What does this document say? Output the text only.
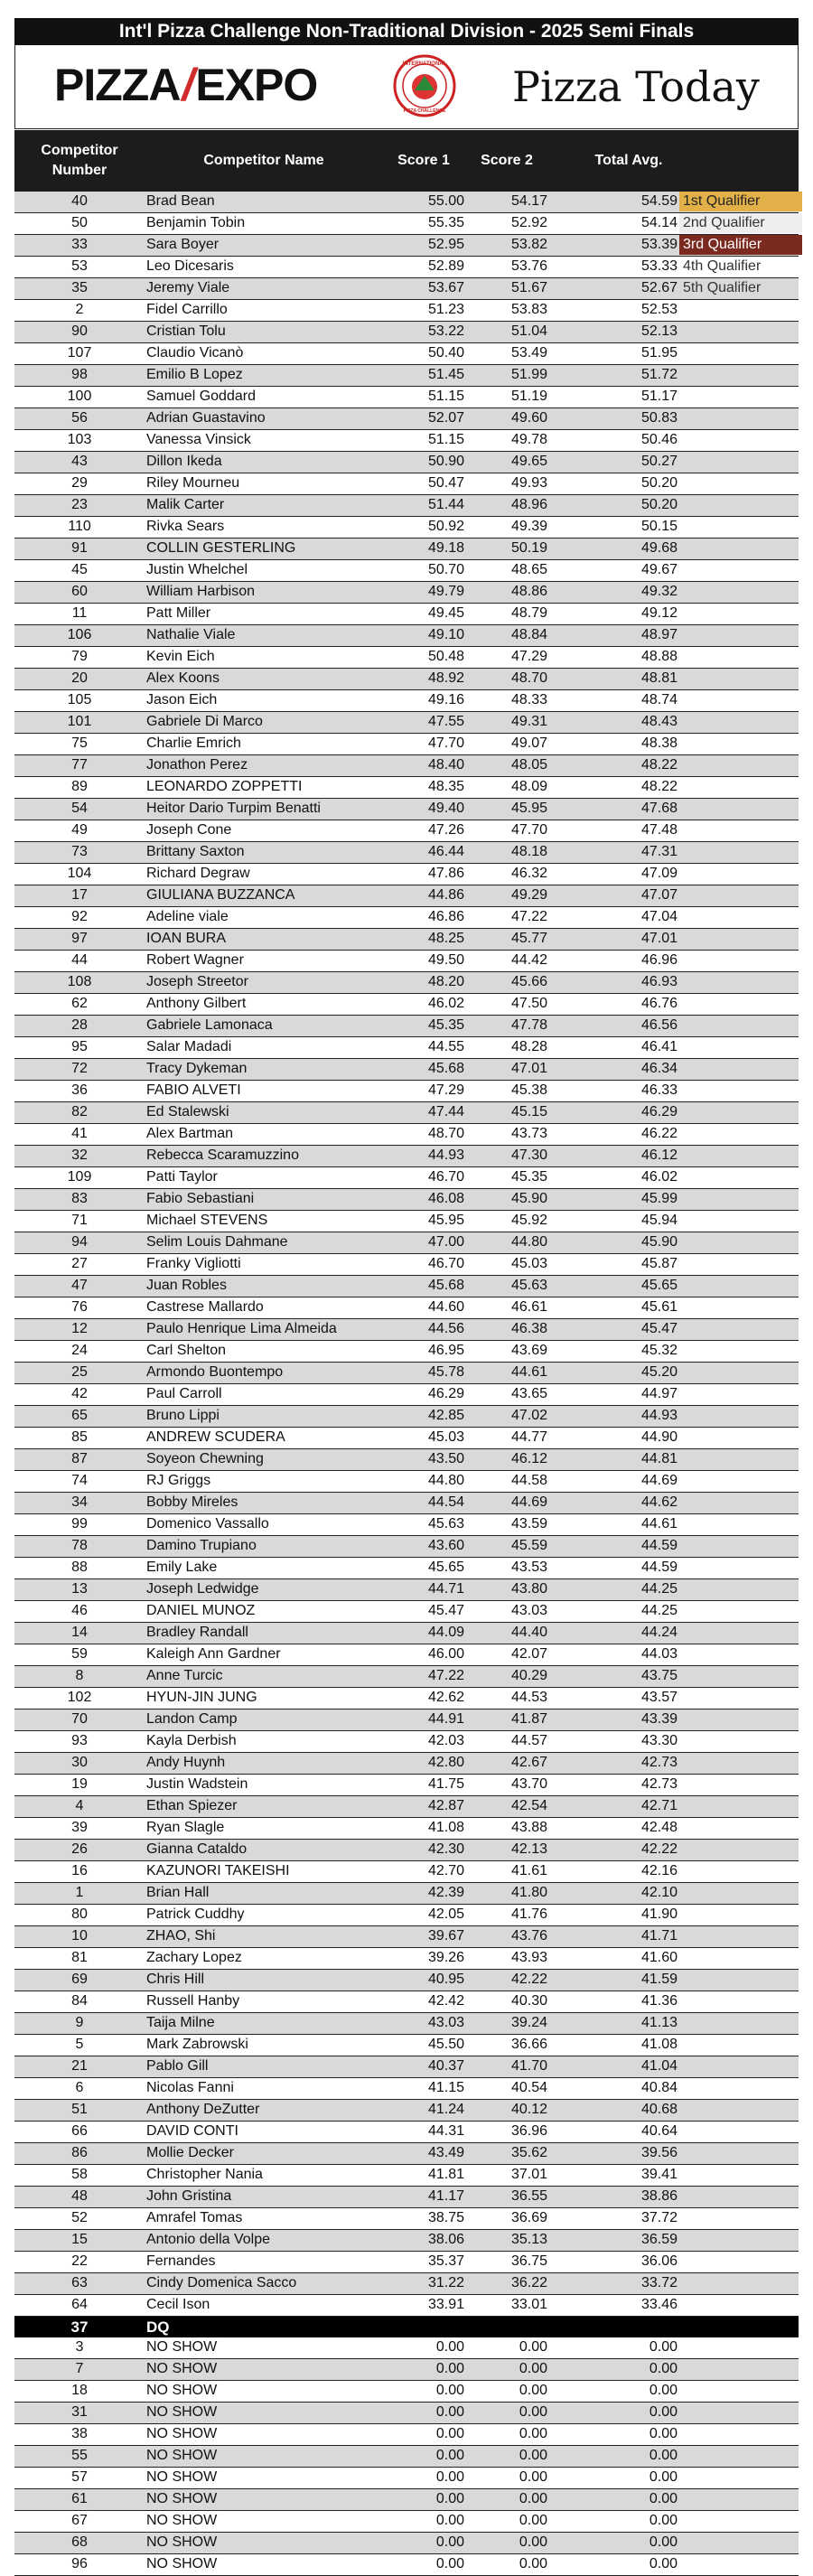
Int'l Pizza Challenge Non-Traditional Division - 2025 Semi Finals
PIZZA/EXPO	INTERNATIONAL
PIZZA CHALLENGE Pizza Today
Competitor
Number
Competitor Name	Score 1	Score 2	Total Avg.
40	Brad Bean	55.00	54.17	54.59 1st Qualifier
50	Benjamin Tobin	55.35	52.92	54.14 2nd Qualifier
33	Sara Boyer	52.95	53.82	53.39 3rd Qualifier
53	Leo Dicesaris	52.89	53.76	53.33 4th Qualifier
35	Jeremy Viale	53.67	51.67	52.67 5th Qualifier
2	Fidel Carrillo	51.23	53.83	52.53
90	Cristian Tolu	53.22	51.04	52.13
107	Claudio Vicanò	50.40	53.49	51.95
98	Emilio B Lopez	51.45	51.99	51.72
100	Samuel Goddard	51.15	51.19	51.17
56	Adrian Guastavino	52.07	49.60	50.83
103	Vanessa Vinsick	51.15	49.78	50.46
43	Dillon Ikeda	50.90	49.65	50.27
29	Riley Mourneu	50.47	49.93	50.20
23	Malik Carter	51.44	48.96	50.20
110	Rivka Sears	50.92	49.39	50.15
91	COLLIN GESTERLING	49.18	50.19	49.68
45	Justin Whelchel	50.70	48.65	49.67
60	William Harbison	49.79	48.86	49.32
11	Patt Miller	49.45	48.79	49.12
106	Nathalie Viale	49.10	48.84	48.97
79	Kevin Eich	50.48	47.29	48.88
20	Alex Koons	48.92	48.70	48.81
105	Jason Eich	49.16	48.33	48.74
101	Gabriele Di Marco	47.55	49.31	48.43
75	Charlie Emrich	47.70	49.07	48.38
77	Jonathon Perez	48.40	48.05	48.22
89	LEONARDO ZOPPETTI	48.35	48.09	48.22
54	Heitor Dario Turpim Benatti	49.40	45.95	47.68
49	Joseph Cone	47.26	47.70	47.48
73	Brittany Saxton	46.44	48.18	47.31
104	Richard Degraw	47.86	46.32	47.09
17	GIULIANA BUZZANCA	44.86	49.29	47.07
92	Adeline viale	46.86	47.22	47.04
97	IOAN BURA	48.25	45.77	47.01
44	Robert Wagner	49.50	44.42	46.96
108	Joseph Streetor	48.20	45.66	46.93
62	Anthony Gilbert	46.02	47.50	46.76
28	Gabriele Lamonaca	45.35	47.78	46.56
95	Salar Madadi	44.55	48.28	46.41
72	Tracy Dykeman	45.68	47.01	46.34
36	FABIO ALVETI	47.29	45.38	46.33
82	Ed Stalewski	47.44	45.15	46.29
41	Alex Bartman	48.70	43.73	46.22
32	Rebecca Scaramuzzino	44.93	47.30	46.12
109	Patti Taylor	46.70	45.35	46.02
83	Fabio Sebastiani	46.08	45.90	45.99
71	Michael STEVENS	45.95	45.92	45.94
94	Selim Louis Dahmane	47.00	44.80	45.90
27	Franky Vigliotti	46.70	45.03	45.87
47	Juan Robles	45.68	45.63	45.65
76	Castrese Mallardo	44.60	46.61	45.61
12	Paulo Henrique Lima Almeida	44.56	46.38	45.47
24	Carl Shelton	46.95	43.69	45.32
25	Armondo Buontempo	45.78	44.61	45.20
42	Paul Carroll	46.29	43.65	44.97
65	Bruno Lippi	42.85	47.02	44.93
85	ANDREW SCUDERA	45.03	44.77	44.90
87	Soyeon Chewning	43.50	46.12	44.81
74	RJ Griggs	44.80	44.58	44.69
34	Bobby Mireles	44.54	44.69	44.62
99	Domenico Vassallo	45.63	43.59	44.61
78	Damino Trupiano	43.60	45.59	44.59
88	Emily Lake	45.65	43.53	44.59
13	Joseph Ledwidge	44.71	43.80	44.25
46	DANIEL MUNOZ	45.47	43.03	44.25
14	Bradley Randall	44.09	44.40	44.24
59	Kaleigh Ann Gardner	46.00	42.07	44.03
8	Anne Turcic	47.22	40.29	43.75
102	HYUN-JIN JUNG	42.62	44.53	43.57
70	Landon Camp	44.91	41.87	43.39
93	Kayla Derbish	42.03	44.57	43.30
30	Andy Huynh	42.80	42.67	42.73
19	Justin Wadstein	41.75	43.70	42.73
4	Ethan Spiezer	42.87	42.54	42.71
39	Ryan Slagle	41.08	43.88	42.48
26	Gianna Cataldo	42.30	42.13	42.22
16	KAZUNORI TAKEISHI	42.70	41.61	42.16
1	Brian Hall	42.39	41.80	42.10
80	Patrick Cuddhy	42.05	41.76	41.90
10	ZHAO, Shi	39.67	43.76	41.71
81	Zachary Lopez	39.26	43.93	41.60
69	Chris Hill	40.95	42.22	41.59
84	Russell Hanby	42.42	40.30	41.36
9	Taija Milne	43.03	39.24	41.13
5	Mark Zabrowski	45.50	36.66	41.08
21	Pablo Gill	40.37	41.70	41.04
6	Nicolas Fanni	41.15	40.54	40.84
51	Anthony DeZutter	41.24	40.12	40.68
66	DAVID CONTI	44.31	36.96	40.64
86	Mollie Decker	43.49	35.62	39.56
58	Christopher Nania	41.81	37.01	39.41
48	John Gristina	41.17	36.55	38.86
52	Amrafel Tomas	38.75	36.69	37.72
15	Antonio della Volpe	38.06	35.13	36.59
22	Fernandes	35.37	36.75	36.06
63	Cindy Domenica Sacco	31.22	36.22	33.72
64	Cecil Ison	33.91	33.01	33.46
37	DQ
3	NO SHOW	0.00	0.00	0.00
7	NO SHOW	0.00	0.00	0.00
18	NO SHOW	0.00	0.00	0.00
31	NO SHOW	0.00	0.00	0.00
38	NO SHOW	0.00	0.00	0.00
55	NO SHOW	0.00	0.00	0.00
57	NO SHOW	0.00	0.00	0.00
61	NO SHOW	0.00	0.00	0.00
67	NO SHOW	0.00	0.00	0.00
68	NO SHOW	0.00	0.00	0.00
96	NO SHOW	0.00	0.00	0.00
